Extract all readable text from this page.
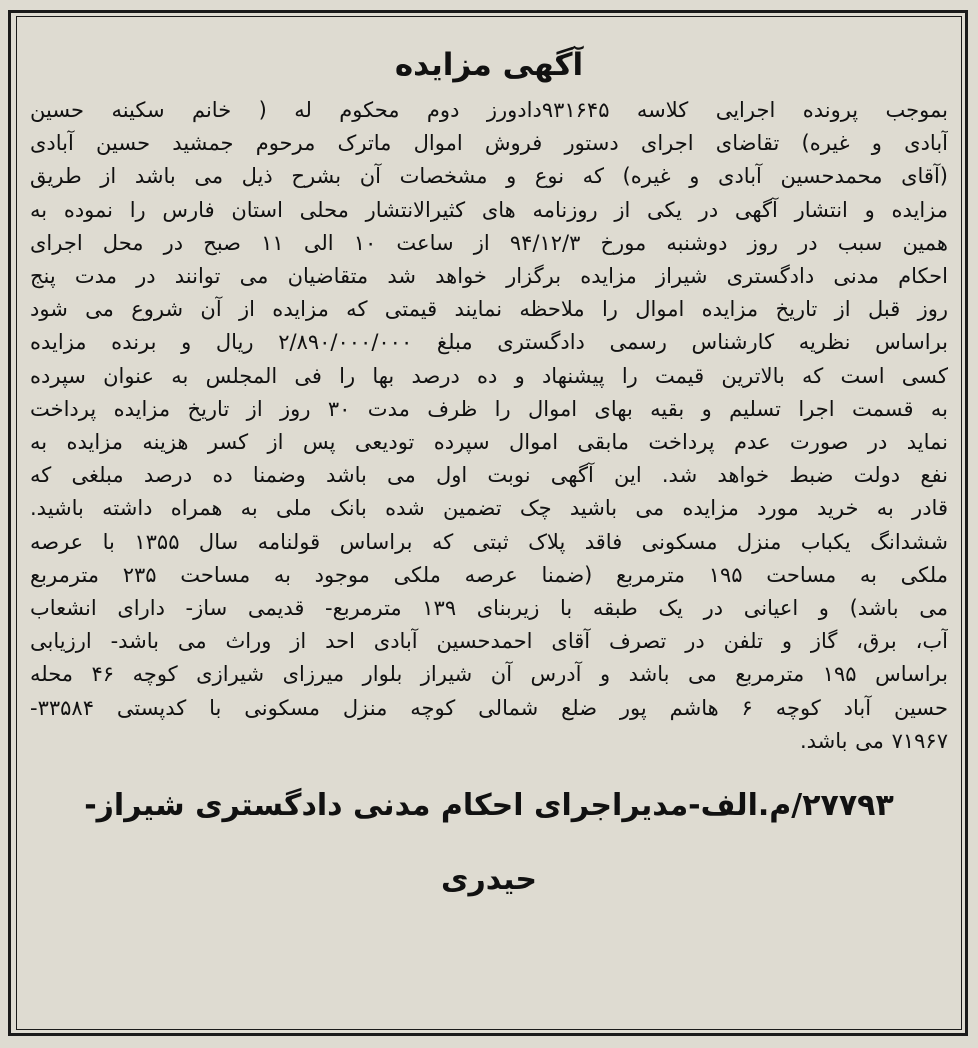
آگهی مزایده
بموجب پرونده اجرایی کلاسه ۹۳۱۶۴۵دادورز دوم محکوم له ( خانم سکینه حسین
آبادی و غیره) تقاضای اجرای دستور فروش اموال ماترک مرحوم جمشید حسین آبادی
(آقای محمدحسین آبادی و غیره) که نوع و مشخصات آن بشرح ذیل می باشد از طریق
مزایده و انتشار آگهی در یکی از روزنامه های کثیرالانتشار محلی استان فارس را نموده به
همین سبب در روز دوشنبه مورخ ۹۴/۱۲/۳ از ساعت ۱۰ الی ۱۱ صبح در محل اجرای
احکام مدنی دادگستری شیراز مزایده برگزار خواهد شد متقاضیان می توانند در مدت پنج
روز قبل از تاریخ مزایده اموال را ملاحظه نمایند قیمتی که مزایده از آن شروع می شود
براساس نظریه کارشناس رسمی دادگستری مبلغ ۲/۸۹۰/۰۰۰/۰۰۰ ریال و برنده مزایده
کسی است که بالاترین قیمت را پیشنهاد و ده درصد بها را فی المجلس به عنوان سپرده
به قسمت اجرا تسلیم و بقیه بهای اموال را ظرف مدت ۳۰ روز از تاریخ مزایده پرداخت
نماید در صورت عدم پرداخت مابقی اموال سپرده تودیعی پس از کسر هزینه مزایده به
نفع دولت ضبط خواهد شد. این آگهی نوبت اول می باشد وضمنا ده درصد مبلغی که
قادر به خرید مورد مزایده می باشید چک تضمین شده بانک ملی به همراه داشته باشید.
ششدانگ یکباب منزل مسکونی فاقد پلاک ثبتی که براساس قولنامه سال ۱۳۵۵ با عرصه
ملکی به مساحت ۱۹۵ مترمربع (ضمنا عرصه ملکی موجود به مساحت ۲۳۵ مترمربع
می باشد) و اعیانی در یک طبقه با زیربنای ۱۳۹ مترمربع- قدیمی ساز- دارای انشعاب
آب، برق، گاز و تلفن در تصرف آقای احمدحسین آبادی احد از وراث می باشد- ارزیابی
براساس ۱۹۵ مترمربع می باشد و آدرس آن شیراز بلوار میرزای شیرازی کوچه ۴۶ محله
حسین آباد کوچه ۶ هاشم پور ضلع شمالی کوچه منزل مسکونی با کدپستی ۳۳۵۸۴-
۷۱۹۶۷ می باشد.
۲۷۷۹۳/م.الف-مدیراجرای احکام مدنی دادگستری شیراز-
حیدری
